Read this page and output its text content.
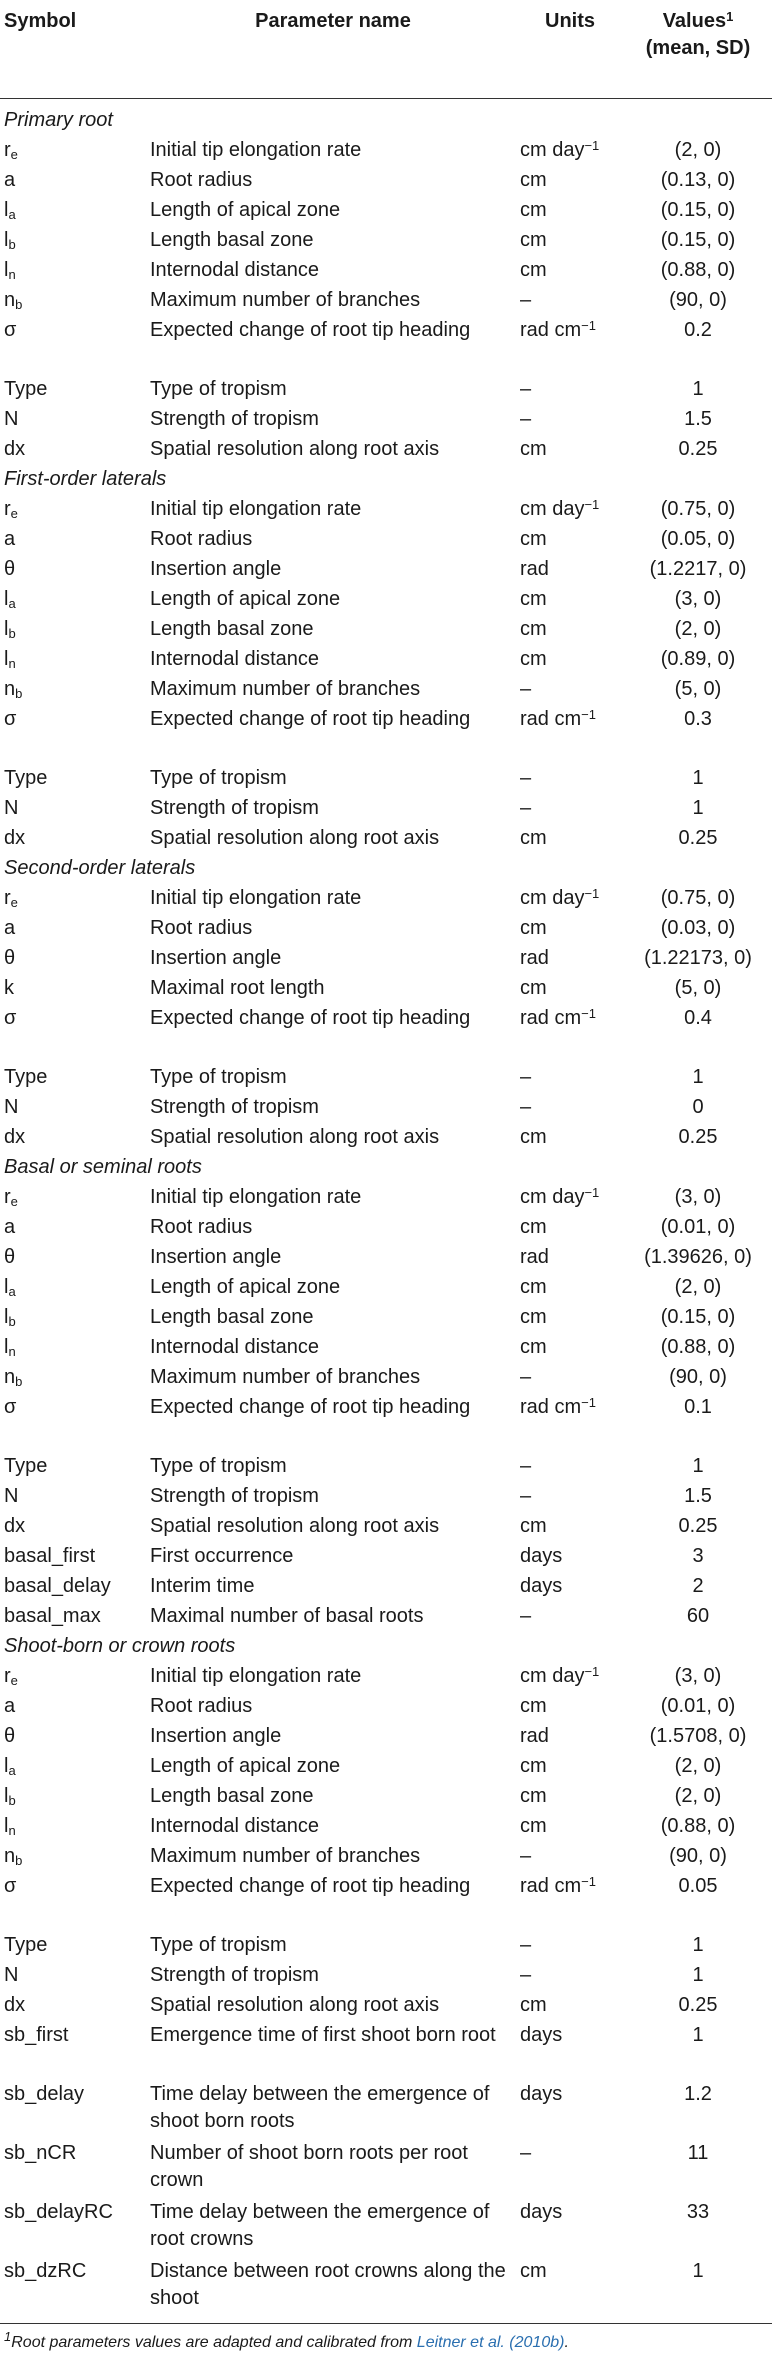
Symbol	Parameter name	Units	Values$^1$
(mean, SD)
Primary root			
$r_e$	Initial tip elongation rate	cm day$^{-1}$	(2, 0)
a	Root radius	cm	(0.13, 0)
$l_a$	Length of apical zone	cm	(0.15, 0)
$l_b$	Length basal zone	cm	(0.15, 0)
$l_n$	Internodal distance	cm	(0.88, 0)
$n_b$	Maximum number of branches	–	(90, 0)
σ	Expected change of root tip heading	rad $cm^{-1}$	0.2
Type	Type of tropism	–	1
N	Strength of tropism	–	1.5
dx	Spatial resolution along root axis	cm	0.25
First-order laterals			
$r_e$	Initial tip elongation rate	cm day$^{-1}$	(0.75, 0)
a	Root radius	cm	(0.05, 0)
θ	Insertion angle	rad	(1.2217, 0)
$l_a$	Length of apical zone	cm	(3, 0)
$l_b$	Length basal zone	cm	(2, 0)
$l_n$	Internodal distance	cm	(0.89, 0)
$n_b$	Maximum number of branches	–	(5, 0)
σ	Expected change of root tip heading	rad $cm^{-1}$	0.3
Type	Type of tropism	–	1
N	Strength of tropism	–	1
dx	Spatial resolution along root axis	cm	0.25
Second-order laterals			
$r_e$	Initial tip elongation rate	cm day$^{-1}$	(0.75, 0)
a	Root radius	cm	(0.03, 0)
θ	Insertion angle	rad	(1.22173, 0)
k	Maximal root length	cm	(5, 0)
σ	Expected change of root tip heading	rad $cm^{-1}$	0.4
Type	Type of tropism	–	1
N	Strength of tropism	–	0
dx	Spatial resolution along root axis	cm	0.25
Basal or seminal roots			
$r_e$	Initial tip elongation rate	cm day$^{-1}$	(3, 0)
a	Root radius	cm	(0.01, 0)
θ	Insertion angle	rad	(1.39626, 0)
$l_a$	Length of apical zone	cm	(2, 0)
$l_b$	Length basal zone	cm	(0.15, 0)
$l_n$	Internodal distance	cm	(0.88, 0)
$n_b$	Maximum number of branches	–	(90, 0)
σ	Expected change of root tip heading	rad $cm^{-1}$	0.1
Type	Type of tropism	–	1
N	Strength of tropism	–	1.5
dx	Spatial resolution along root axis	cm	0.25
basal_first	First occurrence	days	3
basal_delay	Interim time	days	2
basal_max	Maximal number of basal roots	–	60
Shoot-born or crown roots			
$r_e$	Initial tip elongation rate	cm day$^{-1}$	(3, 0)
a	Root radius	cm	(0.01, 0)
θ	Insertion angle	rad	(1.5708, 0)
$l_a$	Length of apical zone	cm	(2, 0)
$l_b$	Length basal zone	cm	(2, 0)
$l_n$	Internodal distance	cm	(0.88, 0)
$n_b$	Maximum number of branches	–	(90, 0)
σ	Expected change of root tip heading	rad $cm^{-1}$	0.05
Type	Type of tropism	–	1
N	Strength of tropism	–	1
dx	Spatial resolution along root axis	cm	0.25
sb_first	Emergence time of first shoot born root	days	1
sb_delay	Time delay between the emergence of shoot born roots	days	1.2
sb_nCR	Number of shoot born roots per root crown	–	11
sb_delayRC	Time delay between the emergence of root crowns	days	33
sb_dzRC	Distance between root crowns along the shoot	cm	1
$^1$Root parameters values are adapted and calibrated from Leitner et al. (2010b).
